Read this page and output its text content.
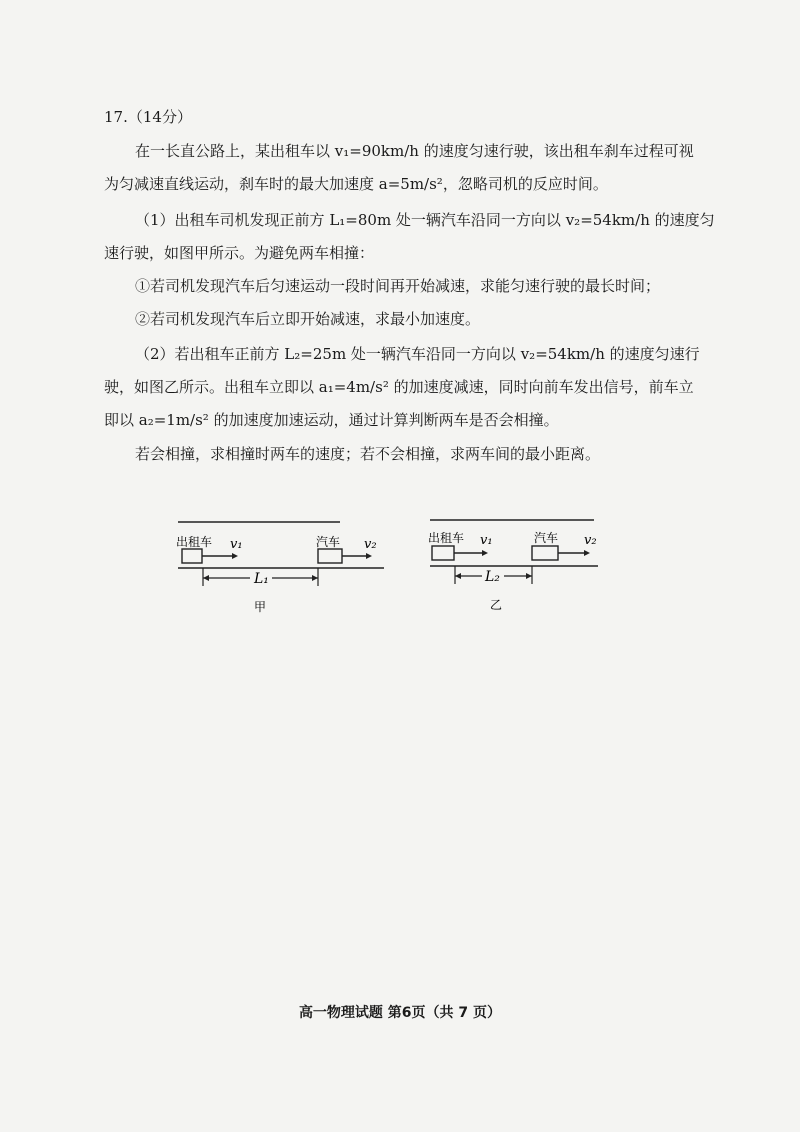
17.（14分）
在一长直公路上，某出租车以 v₁=90km/h 的速度匀速行驶，该出租车刹车过程可视
为匀减速直线运动，刹车时的最大加速度 a=5m/s²，忽略司机的反应时间。
（1）出租车司机发现正前方 L₁=80m 处一辆汽车沿同一方向以 v₂=54km/h 的速度匀
速行驶，如图甲所示。为避免两车相撞：
①若司机发现汽车后匀速运动一段时间再开始减速，求能匀速行驶的最长时间；
②若司机发现汽车后立即开始减速，求最小加速度。
（2）若出租车正前方 L₂=25m 处一辆汽车沿同一方向以 v₂=54km/h 的速度匀速行
驶，如图乙所示。出租车立即以 a₁=4m/s² 的加速度减速，同时向前车发出信号，前车立
即以 a₂=1m/s² 的加速度加速运动，通过计算判断两车是否会相撞。
若会相撞，求相撞时两车的速度；若不会相撞，求两车间的最小距离。
出租车 v₁	汽车 v₂
L₁
甲
出租车 v₁	汽车 v₂
L₂
乙
高一物理试题 第6页（共 7 页）
